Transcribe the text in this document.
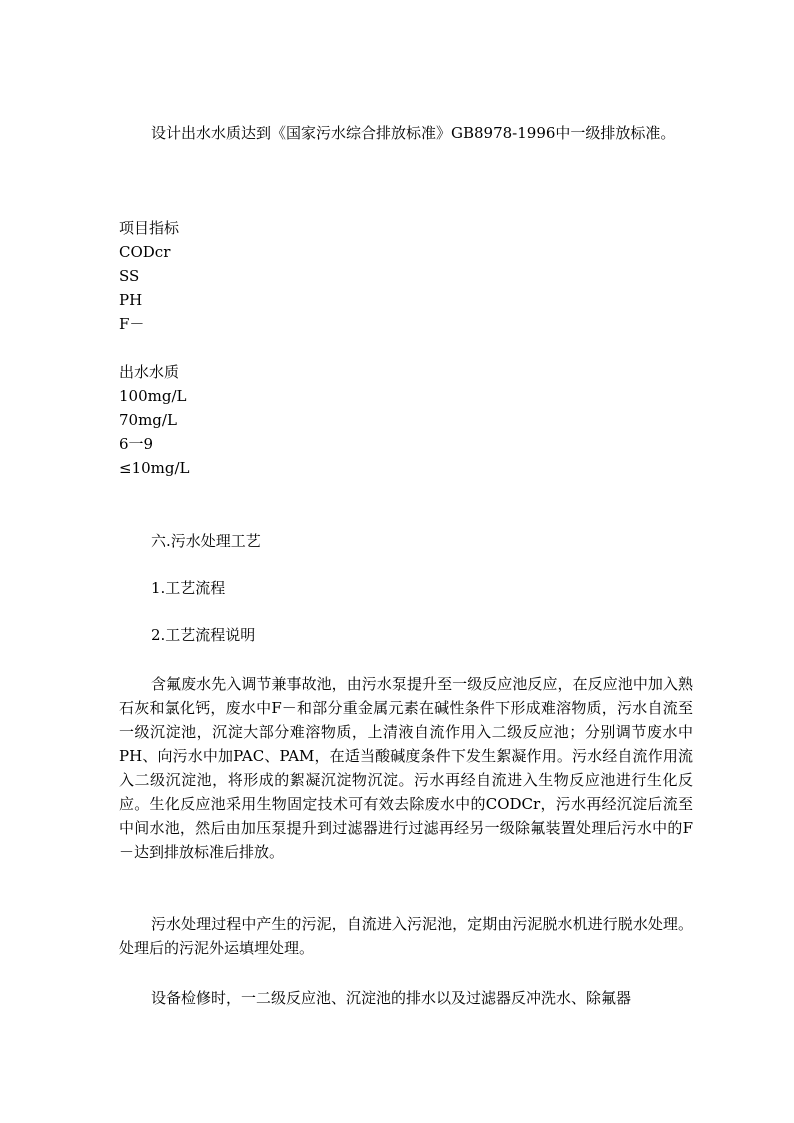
设计出水水质达到《国家污水综合排放标准》GB8978-1996中一级排放标准。

项目指标
CODcr
SS
PH
F－
出水水质
100mg/L
70mg/L
6一9
≤10mg/L
六.污水处理工艺
1.工艺流程
2.工艺流程说明

含氟废水先入调节兼事故池，由污水泵提升至一级反应池反应，在反应池中加入熟石灰和氯化钙，废水中F－和部分重金属元素在碱性条件下形成难溶物质，污水自流至一级沉淀池，沉淀大部分难溶物质，上清液自流作用入二级反应池；分别调节废水中PH、向污水中加PAC、PAM，在适当酸碱度条件下发生絮凝作用。污水经自流作用流入二级沉淀池，将形成的絮凝沉淀物沉淀。污水再经自流进入生物反应池进行生化反应。生化反应池采用生物固定技术可有效去除废水中的CODCr，污水再经沉淀后流至中间水池，然后由加压泵提升到过滤器进行过滤再经另一级除氟装置处理后污水中的F－达到排放标准后排放。

污水处理过程中产生的污泥，自流进入污泥池，定期由污泥脱水机进行脱水处理。处理后的污泥外运填埋处理。

设备检修时，一二级反应池、沉淀池的排水以及过滤器反冲洗水、除氟器
